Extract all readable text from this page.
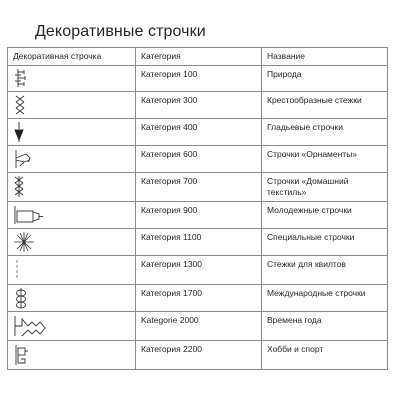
Декоративные строчки
Декоративная строчка	Категория	Название

	Категория 100	Природа

	Категория 300	Крестообразные стежки

	Категория 400	Гладьевые строчки

	Категория 600	Строчки «Орнаменты»

	Категория 700	Строчки «Домашний текстиль»

	Категория 900	Молодежные строчки

	Категория 1100	Специальные строчки

	Категория 1300	Стежки для квилтов

	Категория 1700	Международные строчки

	Kategorie 2000	Времена года

	Категория 2200	Хобби и спорт
